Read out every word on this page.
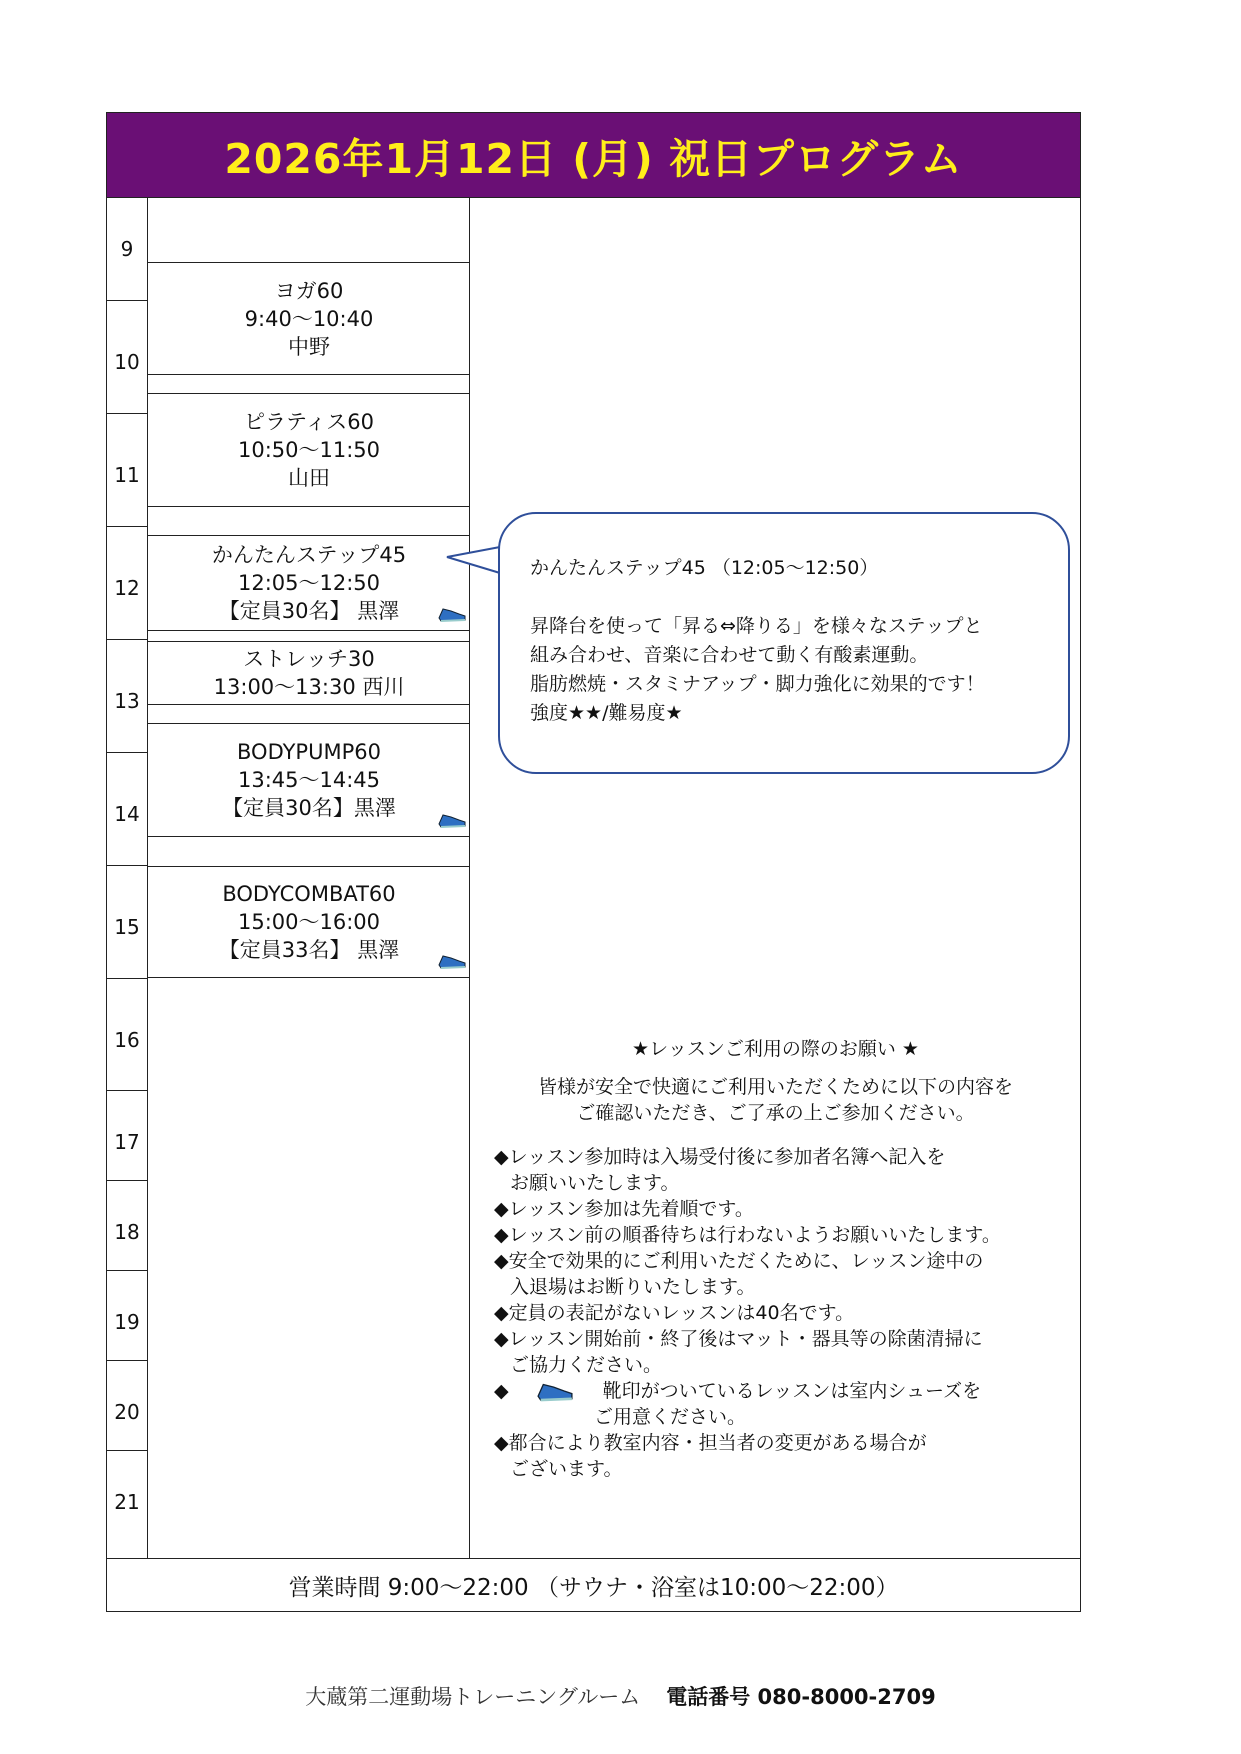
2026年1月12日 (月) 祝日プログラム
9
10
11
12
13
14
15
16
17
18
19
20
21
ヨガ60
9:40～10:40
中野
ピラティス60
10:50～11:50
山田
かんたんステップ45
12:05～12:50
【定員30名】 黒澤
ストレッチ30
13:00～13:30 西川
BODYPUMP60
13:45～14:45
【定員30名】黒澤
BODYCOMBAT60
15:00～16:00
【定員33名】 黒澤

かんたんステップ45 （12:05～12:50）

昇降台を使って「昇る⇔降りる」を様々なステップと

組み合わせ、音楽に合わせて動く有酸素運動。

脂肪燃焼・スタミナアップ・脚力強化に効果的です！

強度★★/難易度★

★レッスンご利用の際のお願い ★
皆様が安全で快適にご利用いただくために以下の内容を
ご確認いただき、ご了承の上ご参加ください。
◆レッスン参加時は入場受付後に参加者名簿へ記入を
お願いいたします。
◆レッスン参加は先着順です。
◆レッスン前の順番待ちは行わないようお願いいたします。
◆安全で効果的にご利用いただくために、レッスン途中の
入退場はお断りいたします。
◆定員の表記がないレッスンは40名です。
◆レッスン開始前・終了後はマット・器具等の除菌清掃に
ご協力ください。
◆	靴印がついているレッスンは室内シューズを
ご用意ください。
◆都合により教室内容・担当者の変更がある場合が
ございます。
営業時間 9:00～22:00 （サウナ・浴室は10:00～22:00）
大蔵第二運動場トレーニングルーム 電話番号 080-8000-2709
